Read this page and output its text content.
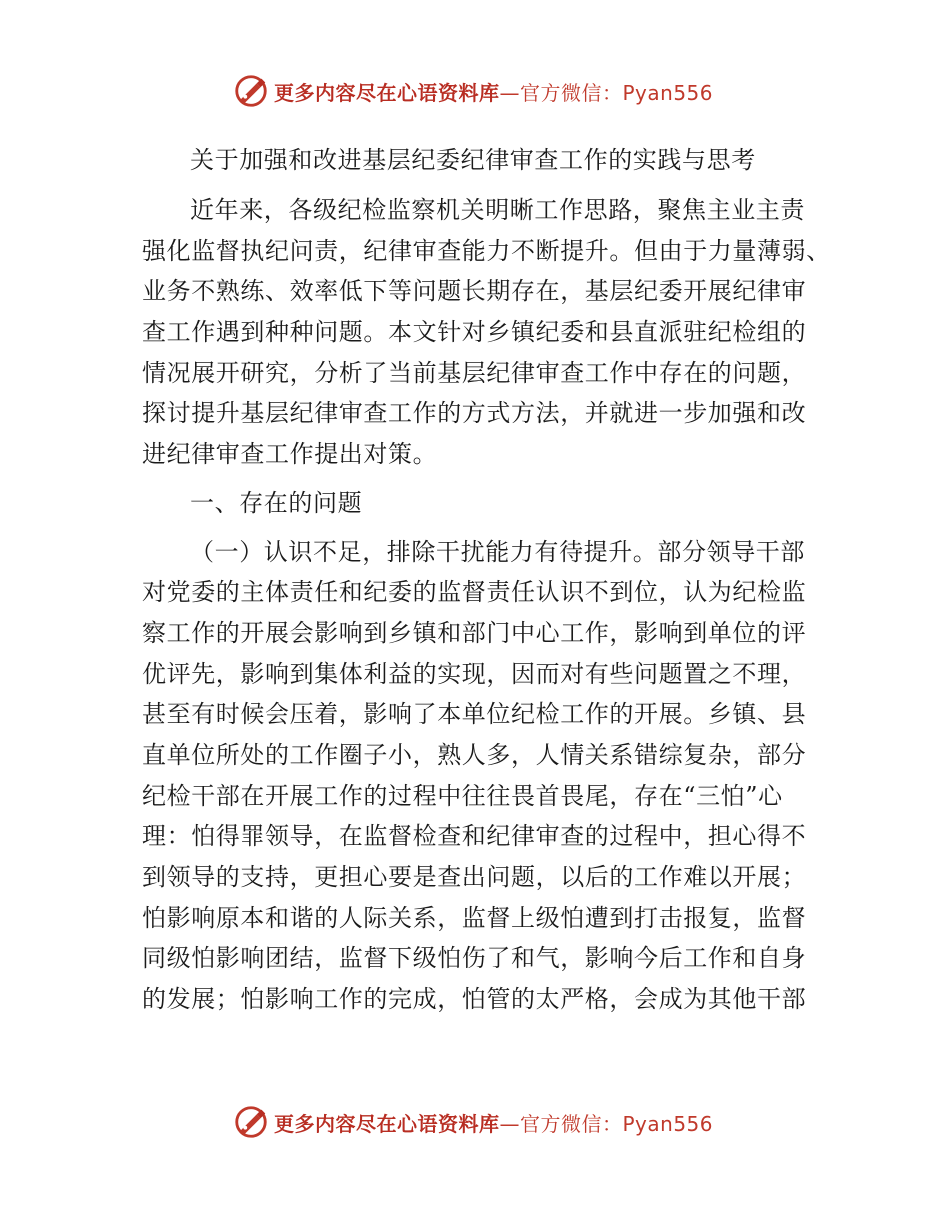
更多内容尽在心语资料库—官方微信：Pyan556
关于加强和改进基层纪委纪律审查工作的实践与思考
近年来，各级纪检监察机关明晰工作思路，聚焦主业主责
强化监督执纪问责，纪律审查能力不断提升。但由于力量薄弱、
业务不熟练、效率低下等问题长期存在，基层纪委开展纪律审
查工作遇到种种问题。本文针对乡镇纪委和县直派驻纪检组的
情况展开研究，分析了当前基层纪律审查工作中存在的问题，
探讨提升基层纪律审查工作的方式方法，并就进一步加强和改
进纪律审查工作提出对策。
一、存在的问题
（一）认识不足，排除干扰能力有待提升。部分领导干部
对党委的主体责任和纪委的监督责任认识不到位，认为纪检监
察工作的开展会影响到乡镇和部门中心工作，影响到单位的评
优评先，影响到集体利益的实现，因而对有些问题置之不理，
甚至有时候会压着，影响了本单位纪检工作的开展。乡镇、县
直单位所处的工作圈子小，熟人多，人情关系错综复杂，部分
纪检干部在开展工作的过程中往往畏首畏尾，存在“三怕”心
理：怕得罪领导，在监督检查和纪律审查的过程中，担心得不
到领导的支持，更担心要是查出问题，以后的工作难以开展；
怕影响原本和谐的人际关系，监督上级怕遭到打击报复，监督
同级怕影响团结，监督下级怕伤了和气，影响今后工作和自身
的发展；怕影响工作的完成，怕管的太严格，会成为其他干部
更多内容尽在心语资料库—官方微信：Pyan556
